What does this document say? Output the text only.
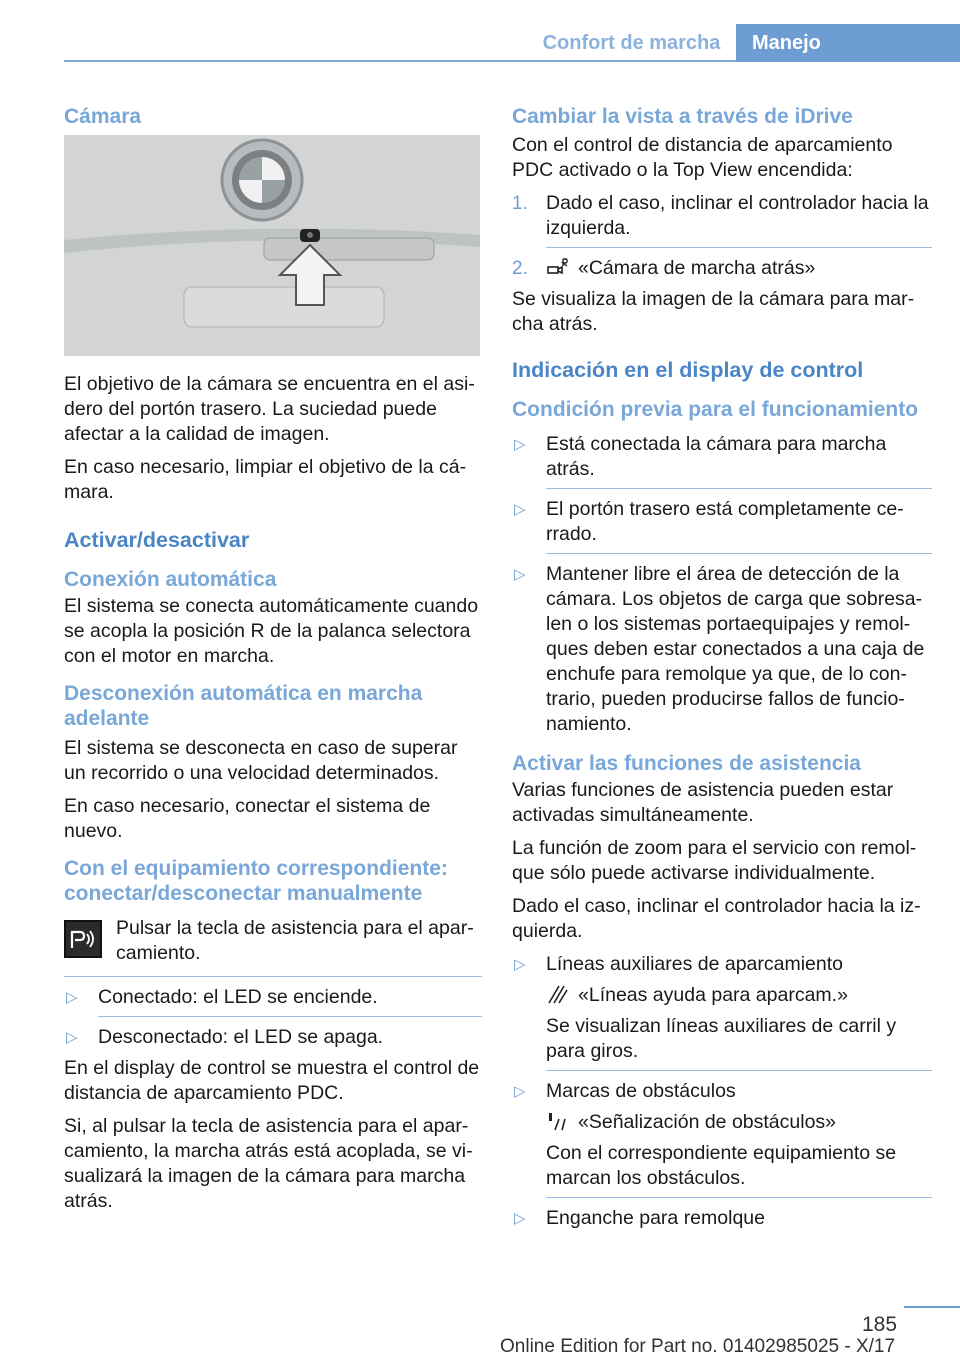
Confort de marcha	Manejo
Cámara

El objetivo de la cámara se encuentra en el asi-dero del portón trasero. La suciedad puede afectar a la calidad de imagen.

En caso necesario, limpiar el objetivo de la cá-mara.

Activar/desactivar
Conexión automática

El sistema se conecta automáticamente cuando se acopla la posición R de la palanca selectora con el motor en marcha.

Desconexión automática en marcha adelante

El sistema se desconecta en caso de superar un recorrido o una velocidad determinados.

En caso necesario, conectar el sistema de nuevo.

Con el equipamiento correspondiente: conectar/desconectar manualmente

Pulsar la tecla de asistencia para el apar-camiento.

▷ Conectado: el LED se enciende.
▷ Desconectado: el LED se apaga.

En el display de control se muestra el control de distancia de aparcamiento PDC.

Si, al pulsar la tecla de asistencia para el apar-camiento, la marcha atrás está acoplada, se vi-sualizará la imagen de la cámara para marcha atrás.

Cambiar la vista a través de iDrive

Con el control de distancia de aparcamiento PDC activado o la Top View encendida:

1. Dado el caso, inclinar el controlador hacia la izquierda.
2.	«Cámara de marcha atrás»

Se visualiza la imagen de la cámara para mar-cha atrás.

Indicación en el display de control
Condición previa para el funcionamiento
▷ Está conectada la cámara para marcha atrás.
▷ El portón trasero está completamente ce-rrado.
▷ Mantener libre el área de detección de la cámara. Los objetos de carga que sobresa-len o los sistemas portaequipajes y remol-ques deben estar conectados a una caja de enchufe para remolque ya que, de lo con-trario, pueden producirse fallos de funcio-namiento.
Activar las funciones de asistencia

Varias funciones de asistencia pueden estar activadas simultáneamente.

La función de zoom para el servicio con remol-que sólo puede activarse individualmente.

Dado el caso, inclinar el controlador hacia la iz-quierda.

▷ Líneas auxiliares de aparcamiento
«Líneas ayuda para aparcam.»
Se visualizan líneas auxiliares de carril y para giros.
▷ Marcas de obstáculos
«Señalización de obstáculos»
Con el correspondiente equipamiento se marcan los obstáculos.
▷ Enganche para remolque
185
Online Edition for Part no. 01402985025 - X/17
